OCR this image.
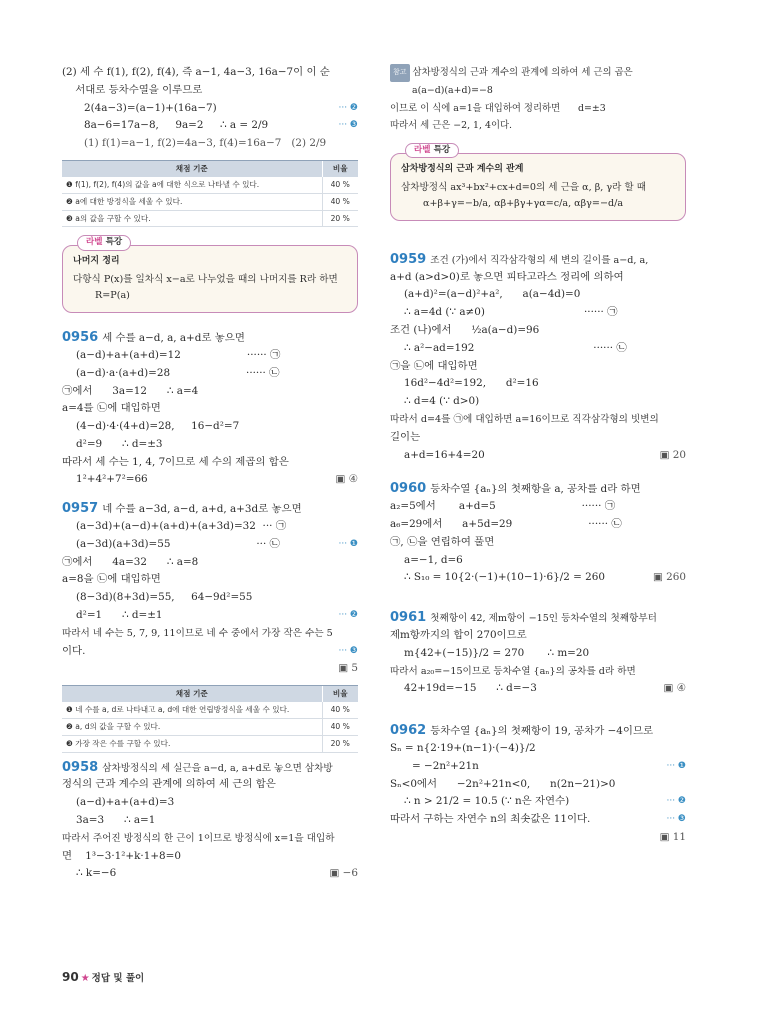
(2) 세 수 f(1), f(2), f(4), 즉 a−1, 4a−3, 16a−7이 이 순
서대로 등차수열을 이루므로
2(4a−3)=(a−1)+(16a−7)	··· ❷
8a−6=17a−8,     9a=2     ∴ a = 2/9	··· ❸
(1) f(1)=a−1, f(2)=4a−3, f(4)=16a−7   (2) 2/9
채점 기준	비율
❶ f(1), f(2), f(4)의 값을 a에 대한 식으로 나타낼 수 있다.	40 %
❷ a에 대한 방정식을 세울 수 있다.	40 %
❸ a의 값을 구할 수 있다.	20 %
라벨 특강
나머지 정리
다항식 P(x)를 일차식 x−a로 나누었을 때의 나머지를 R라 하면
R=P(a)
0956 세 수를 a−d, a, a+d로 놓으면
(a−d)+a+(a+d)=12                    ······ ㉠
(a−d)·a·(a+d)=28                       ······ ㉡
㉠에서      3a=12      ∴ a=4
a=4를 ㉡에 대입하면
(4−d)·4·(4+d)=28,     16−d²=7
d²=9      ∴ d=±3
따라서 세 수는 1, 4, 7이므로 세 수의 제곱의 합은
1²+4²+7²=66	▣ ④
0957 네 수를 a−3d, a−d, a+d, a+3d로 놓으면
(a−3d)+(a−d)+(a+d)+(a+3d)=32  ··· ㉠
(a−3d)(a+3d)=55                          ··· ㉡	··· ❶
㉠에서      4a=32      ∴ a=8
a=8을 ㉡에 대입하면
(8−3d)(8+3d)=55,     64−9d²=55
d²=1      ∴ d=±1	··· ❷
따라서 네 수는 5, 7, 9, 11이므로 네 수 중에서 가장 작은 수는 5
이다.	··· ❸
▣ 5
채점 기준	비율
❶ 네 수를 a, d로 나타내고 a, d에 대한 연립방정식을 세울 수 있다.	40 %
❷ a, d의 값을 구할 수 있다.	40 %
❸ 가장 작은 수를 구할 수 있다.	20 %
0958 삼차방정식의 세 실근을 a−d, a, a+d로 놓으면 삼차방
정식의 근과 계수의 관계에 의하여 세 근의 합은
(a−d)+a+(a+d)=3
3a=3      ∴ a=1
따라서 주어진 방정식의 한 근이 1이므로 방정식에 x=1을 대입하
면    1³−3·1²+k·1+8=0
∴ k=−6	▣ −6
참고 삼차방정식의 근과 계수의 관계에 의하여 세 근의 곱은
a(a−d)(a+d)=−8
이므로 이 식에 a=1을 대입하여 정리하면      d=±3
따라서 세 근은 −2, 1, 4이다.
라벨 특강
삼차방정식의 근과 계수의 관계
삼차방정식 ax³+bx²+cx+d=0의 세 근을 α, β, γ라 할 때
α+β+γ=−b/a, αβ+βγ+γα=c/a, αβγ=−d/a
0959 조건 (가)에서 직각삼각형의 세 변의 길이를 a−d, a,
a+d (a>d>0)로 놓으면 피타고라스 정리에 의하여
(a+d)²=(a−d)²+a²,      a(a−4d)=0
∴ a=4d (∵ a≠0)                              ······ ㉠
조건 (나)에서      ½a(a−d)=96
∴ a²−ad=192                                    ······ ㉡
㉠을 ㉡에 대입하면
16d²−4d²=192,      d²=16
∴ d=4 (∵ d>0)
따라서 d=4를 ㉠에 대입하면 a=16이므로 직각삼각형의 빗변의
길이는
a+d=16+4=20	▣ 20
0960 등차수열 {aₙ}의 첫째항을 a, 공차를 d라 하면
a₂=5에서       a+d=5                          ······ ㉠
a₆=29에서      a+5d=29                       ······ ㉡
㉠, ㉡을 연립하여 풀면
a=−1, d=6
∴ S₁₀ = 10{2·(−1)+(10−1)·6}/2 = 260	▣ 260
0961 첫째항이 42, 제m항이 −15인 등차수열의 첫째항부터
제m항까지의 합이 270이므로
m{42+(−15)}/2 = 270       ∴ m=20
따라서 a₂₀=−15이므로 등차수열 {aₙ}의 공차를 d라 하면
42+19d=−15      ∴ d=−3	▣ ④
0962 등차수열 {aₙ}의 첫째항이 19, 공차가 −4이므로
Sₙ = n{2·19+(n−1)·(−4)}/2
= −2n²+21n	··· ❶
Sₙ<0에서      −2n²+21n<0,      n(2n−21)>0
∴ n > 21/2 = 10.5 (∵ n은 자연수)	··· ❷
따라서 구하는 자연수 n의 최솟값은 11이다.	··· ❸
▣ 11
90 ★ 정답 및 풀이
